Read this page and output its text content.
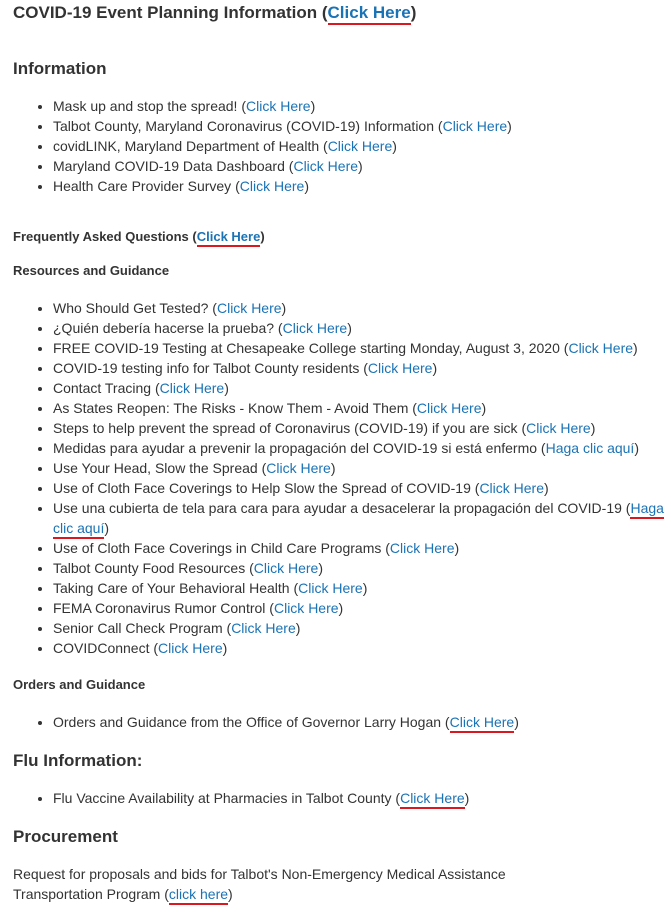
COVID-19 Event Planning Information (Click Here)
Information
• Mask up and stop the spread! (Click Here)
• Talbot County, Maryland Coronavirus (COVID-19) Information (Click Here)
• covidLINK, Maryland Department of Health (Click Here)
• Maryland COVID-19 Data Dashboard (Click Here)
• Health Care Provider Survey (Click Here)
Frequently Asked Questions (Click Here)
Resources and Guidance
• Who Should Get Tested? (Click Here)
• ¿Quién debería hacerse la prueba? (Click Here)
• FREE COVID-19 Testing at Chesapeake College starting Monday, August 3, 2020 (Click Here)
• COVID-19 testing info for Talbot County residents (Click Here)
• Contact Tracing (Click Here)
• As States Reopen: The Risks - Know Them - Avoid Them (Click Here)
• Steps to help prevent the spread of Coronavirus (COVID-19) if you are sick (Click Here)
• Medidas para ayudar a prevenir la propagación del COVID-19 si está enfermo (Haga clic aquí)
• Use Your Head, Slow the Spread (Click Here)
• Use of Cloth Face Coverings to Help Slow the Spread of COVID-19 (Click Here)
• Use una cubierta de tela para cara para ayudar a desacelerar la propagación del COVID-19 (Haga clic aquí)
• Use of Cloth Face Coverings in Child Care Programs (Click Here)
• Talbot County Food Resources (Click Here)
• Taking Care of Your Behavioral Health (Click Here)
• FEMA Coronavirus Rumor Control (Click Here)
• Senior Call Check Program (Click Here)
• COVIDConnect (Click Here)
Orders and Guidance
• Orders and Guidance from the Office of Governor Larry Hogan (Click Here)
Flu Information:
• Flu Vaccine Availability at Pharmacies in Talbot County (Click Here)
Procurement

Request for proposals and bids for Talbot's Non-Emergency Medical Assistance Transportation Program (click here)
